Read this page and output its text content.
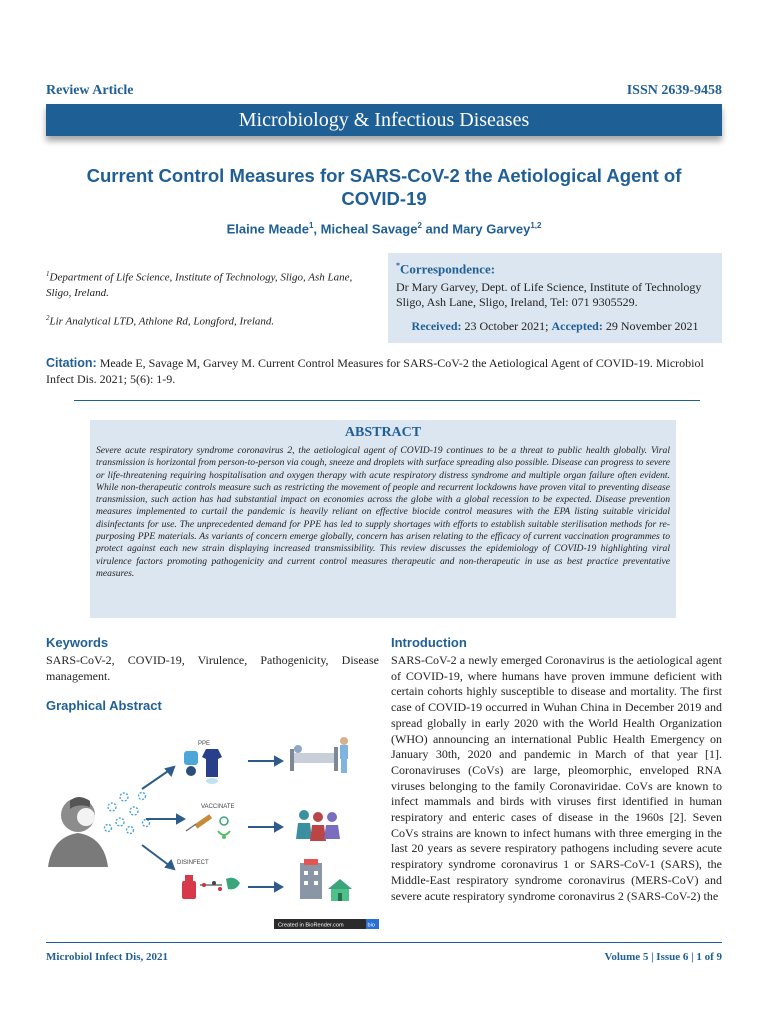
Review Article	ISSN 2639-9458
Microbiology & Infectious Diseases
Current Control Measures for SARS-CoV-2 the Aetiological Agent of COVID-19
Elaine Meade$^1$, Micheal Savage$^2$ and Mary Garvey$^{1,2}$
$^1$Department of Life Science, Institute of Technology, Sligo, Ash Lane, Sligo, Ireland.
$^2$Lir Analytical LTD, Athlone Rd, Longford, Ireland.
*Correspondence:
Dr Mary Garvey, Dept. of Life Science, Institute of Technology Sligo, Ash Lane, Sligo, Ireland, Tel: 071 9305529.
Received: 23 October 2021; Accepted: 29 November 2021
Citation: Meade E, Savage M, Garvey M. Current Control Measures for SARS-CoV-2 the Aetiological Agent of COVID-19. Microbiol Infect Dis. 2021; 5(6): 1-9.
ABSTRACT
Severe acute respiratory syndrome coronavirus 2, the aetiological agent of COVID-19 continues to be a threat to public health globally. Viral transmission is horizontal from person-to-person via cough, sneeze and droplets with surface spreading also possible. Disease can progress to severe or life-threatening requiring hospitalisation and oxygen therapy with acute respiratory distress syndrome and multiple organ failure often evident. While non-therapeutic controls measure such as restricting the movement of people and recurrent lockdowns have proven vital to preventing disease transmission, such action has had substantial impact on economies across the globe with a global recession to be expected. Disease prevention measures implemented to curtail the pandemic is heavily reliant on effective biocide control measures with the EPA listing suitable viricidal disinfectants for use. The unprecedented demand for PPE has led to supply shortages with efforts to establish suitable sterilisation methods for re-purposing PPE materials. As variants of concern emerge globally, concern has arisen relating to the efficacy of current vaccination programmes to protect against each new strain displaying increased transmissibility. This review discusses the epidemiology of COVID-19 highlighting viral virulence factors promoting pathogenicity and current control measures therapeutic and non-therapeutic in use as best practice preventative measures.
Keywords
SARS-CoV-2, COVID-19, Virulence, Pathogenicity, Disease management.
Graphical Abstract
PPE
VACCINATE
DISINFECT
Created in BioRender.com	bio
Introduction
SARS-CoV-2 a newly emerged Coronavirus is the aetiological agent of COVID-19, where humans have proven immune deficient with certain cohorts highly susceptible to disease and mortality. The first case of COVID-19 occurred in Wuhan China in December 2019 and spread globally in early 2020 with the World Health Organization (WHO) announcing an international Public Health Emergency on January 30th, 2020 and pandemic in March of that year [1]. Coronaviruses (CoVs) are large, pleomorphic, enveloped RNA viruses belonging to the family Coronaviridae. CoVs are known to infect mammals and birds with viruses first identified in human respiratory and enteric cases of disease in the 1960s [2]. Seven CoVs strains are known to infect humans with three emerging in the last 20 years as severe respiratory pathogens including severe acute respiratory syndrome coronavirus 1 or SARS-CoV-1 (SARS), the Middle-East respiratory syndrome coronavirus (MERS-CoV) and severe acute respiratory syndrome coronavirus 2 (SARS-CoV-2) the
Microbiol Infect Dis, 2021	Volume 5 | Issue 6 | 1 of 9
